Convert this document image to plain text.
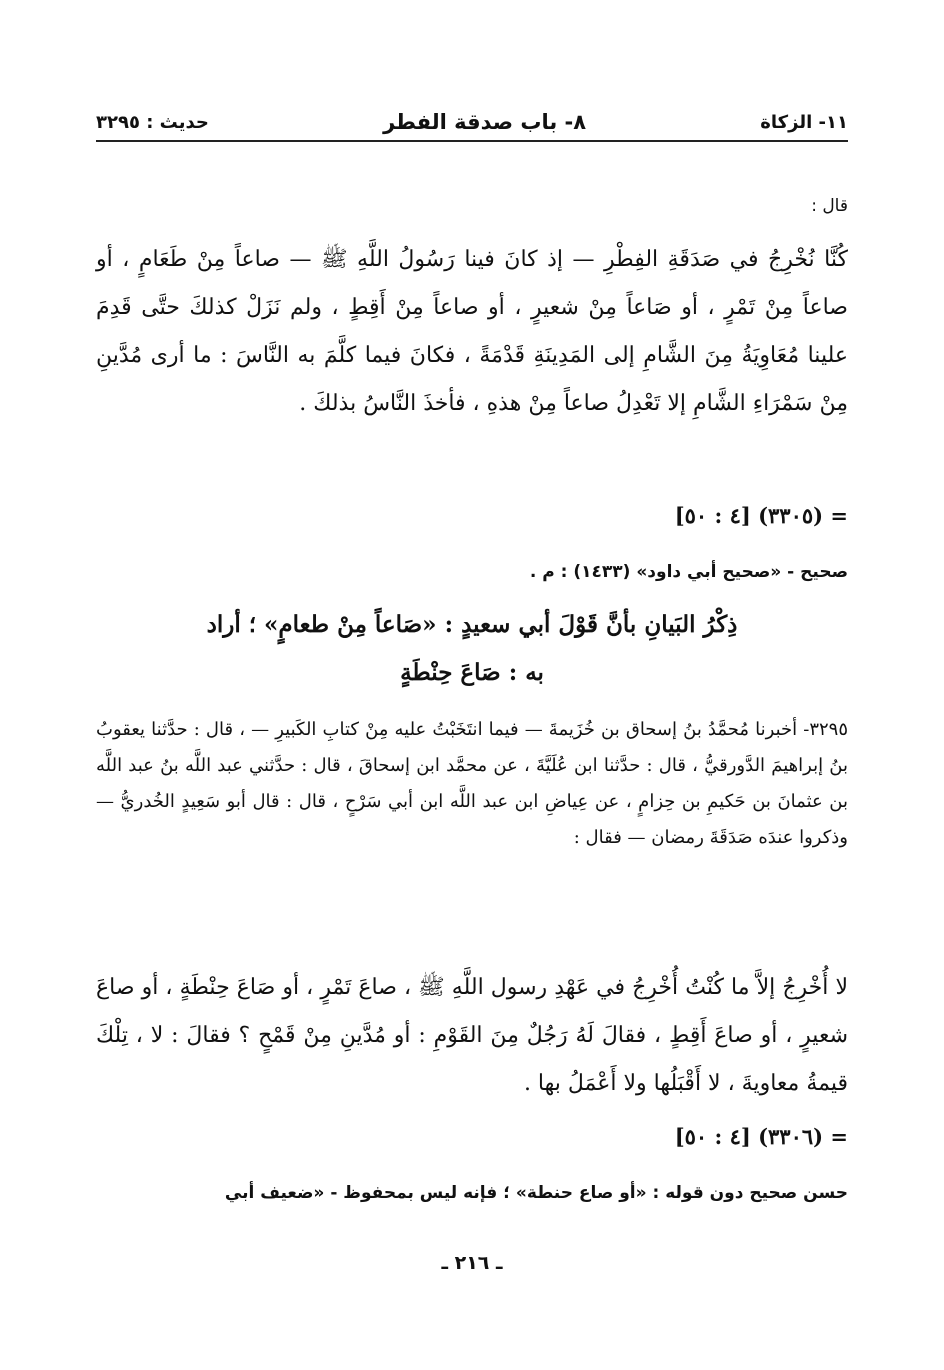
١١- الزكاة
٨- باب صدقة الفطر
حديث : ٣٢٩٥
قال :
كُنَّا نُخْرِجُ في صَدَقَةِ الفِطْرِ — إذ كانَ فينا رَسُولُ اللَّهِ ﷺ — صاعاً مِنْ طَعَامٍ ، أو صاعاً مِنْ تَمْرٍ ، أو صَاعاً مِنْ شعيرٍ ، أو صاعاً مِنْ أَقِطٍ ، ولم نَزَلْ كذلكَ حتَّى قَدِمَ علينا مُعَاوِيَةُ مِنَ الشَّامِ إلى المَدِينَةِ قَدْمَةً ، فكانَ فيما كلَّمَ به النَّاسَ : ما أرى مُدَّينِ مِنْ سَمْرَاءِ الشَّامِ إلا تَعْدِلُ صاعاً مِنْ هذهِ ، فأخذَ النَّاسُ بذلكَ .
= (٣٣٠٥) [٤ : ٥٠]
صحيح - «صحيح أبي داود» (١٤٣٣) : م .
ذِكْرُ البَيانِ بأنَّ قَوْلَ أبي سعيدٍ : «صَاعاً مِنْ طعامٍ» ؛ أراد
به : صَاعَ حِنْطَةٍ
٣٢٩٥- أخبرنا مُحمَّدُ بنُ إسحاق بن خُزَيمةَ — فيما انتَخَبْتُ عليه مِنْ كتابِ الكَبيرِ — ، قال : حدَّثنا يعقوبُ بنُ إبراهيمَ الدَّورقيُّ ، قال : حدَّثنا ابن عُلَيَّةَ ، عن محمَّد ابن إسحاقَ ، قال : حدَّثني عبد اللَّه بنُ عبد اللَّه بن عثمانَ بن حَكيمِ بن حِزامٍ ، عن عِياضِ ابن عبد اللَّه ابن أبي سَرْحٍ ، قال : قال أبو سَعِيدٍ الخُدريُّ — وذكروا عندَه صَدَقَةَ رمضان — فقال :
لا أُخْرِجُ إلاَّ ما كُنْتُ أُخْرِجُ في عَهْدِ رسول اللَّهِ ﷺ ، صاعَ تَمْرٍ ، أو صَاعَ حِنْطَةٍ ، أو صاعَ شعيرٍ ، أو صاعَ أَقِطٍ ، فقالَ لَهُ رَجُلٌ مِنَ القَوْمِ : أو مُدَّينِ مِنْ قَمْحٍ ؟ فقالَ : لا ، تِلْكَ قيمةُ معاويةَ ، لا أَقْبَلُها ولا أَعْمَلُ بها .
= (٣٣٠٦) [٤ : ٥٠]
حسن صحيح دون قوله : «أو صاع حنطة» ؛ فإنه ليس بمحفوظ - «ضعيف أبي
ـ ٢١٦ ـ
